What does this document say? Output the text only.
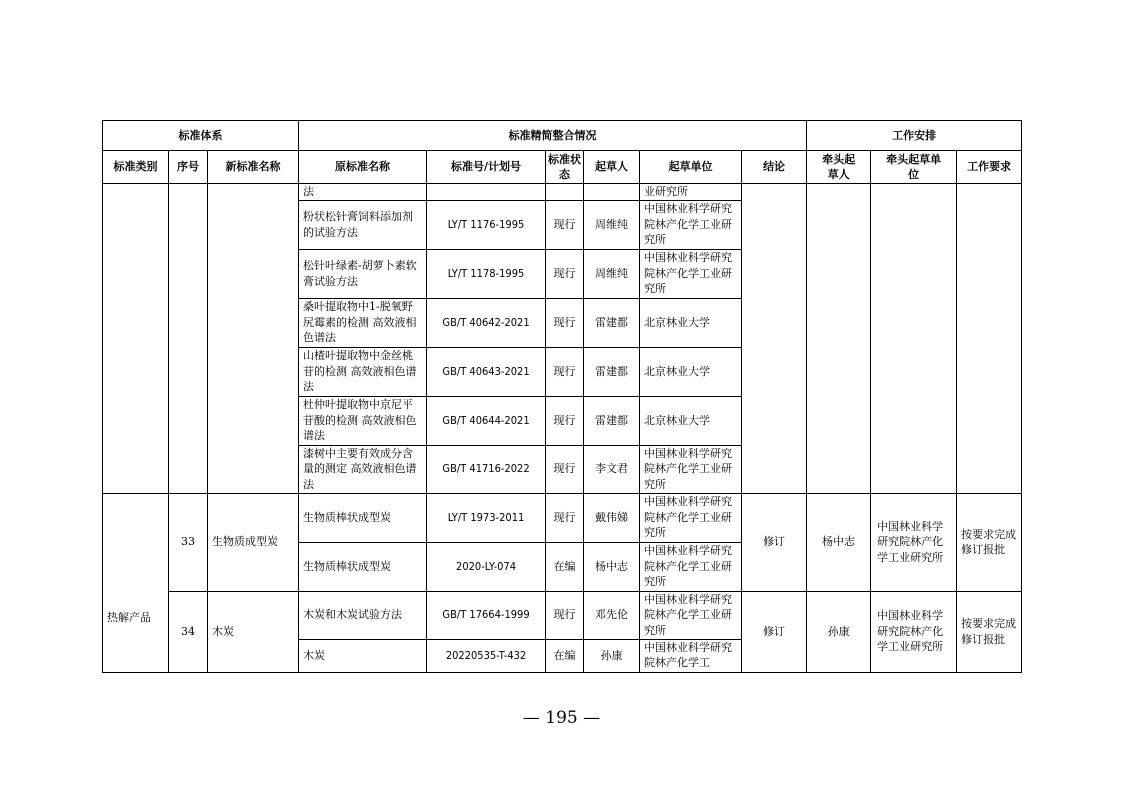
标准体系			标准精简整合情况						工作安排		
标准类别	序号	新标准名称	原标准名称	标准号/计划号	标准状态	起草人	起草单位	结论	牵头起草人	牵头起草单位	工作要求
			法				业研究所				
			粉状松针膏饲料添加剂的试验方法	LY/T 1176-1995	现行	周维纯	中国林业科学研究院林产化学工业研究所				
			松针叶绿素-胡萝卜素软膏试验方法	LY/T 1178-1995	现行	周维纯	中国林业科学研究院林产化学工业研究所				
			桑叶提取物中1-脱氧野尻霉素的检测 高效液相色谱法	GB/T 40642-2021	现行	雷建都	北京林业大学				
			山楂叶提取物中金丝桃苷的检测 高效液相色谱法	GB/T 40643-2021	现行	雷建都	北京林业大学				
			杜仲叶提取物中京尼平苷酸的检测 高效液相色谱法	GB/T 40644-2021	现行	雷建都	北京林业大学				
			漆树中主要有效成分含量的测定 高效液相色谱法	GB/T 41716-2022	现行	李文君	中国林业科学研究院林产化学工业研究所				
热解产品	33	生物质成型炭	生物质棒状成型炭	LY/T 1973-2011	现行	戴伟娣	中国林业科学研究院林产化学工业研究所	修订	杨中志	中国林业科学研究院林产化学工业研究所	按要求完成修订报批
			生物质棒状成型炭	2020-LY-074	在编	杨中志	中国林业科学研究院林产化学工业研究所				
	34	木炭	木炭和木炭试验方法	GB/T 17664-1999	现行	邓先伦	中国林业科学研究院林产化学工业研究所	修订	孙康	中国林业科学研究院林产化学工业研究所	按要求完成修订报批
			木炭	20220535-T-432	在编	孙康	中国林业科学研究院林产化学工				
— 195 —
